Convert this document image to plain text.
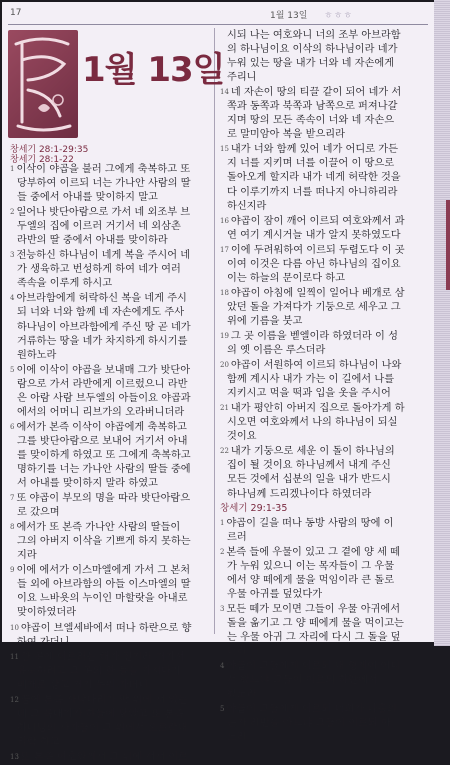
17	1월 13일 ㅎㅎㅎ
1월 13일
창세기 28:1-29:35
창세기 28:1-22
1 이삭이 야곱을 불러 그에게 축복하고 또
당부하여 이르되 너는 가나안 사람의 딸
들 중에서 아내를 맞이하지 말고
2 일어나 밧단아람으로 가서 네 외조부 브
두엘의 집에 이르러 거기서 네 외삼촌
라반의 딸 중에서 아내를 맞이하라
3 전능하신 하나님이 네게 복을 주시어 네
가 생육하고 번성하게 하여 네가 여러
족속을 이루게 하시고
4 아브라함에게 허락하신 복을 네게 주시
되 너와 너와 함께 네 자손에게도 주사
하나님이 아브라함에게 주신 땅 곧 네가
거류하는 땅을 네가 차지하게 하시기를
원하노라
5 이에 이삭이 야곱을 보내매 그가 밧단아
람으로 가서 라반에게 이르렀으니 라반
은 아람 사람 브두엘의 아들이요 야곱과
에서의 어머니 리브가의 오라버니더라
6 에서가 본즉 이삭이 야곱에게 축복하고
그를 밧단아람으로 보내어 거기서 아내
를 맞이하게 하였고 또 그에게 축복하고
명하기를 너는 가나안 사람의 딸들 중에
서 아내를 맞이하지 말라 하였고
7 또 야곱이 부모의 명을 따라 밧단아람으
로 갔으며
8 에서가 또 본즉 가나안 사람의 딸들이
그의 아버지 이삭을 기쁘게 하지 못하는
지라
9 이에 에서가 이스마엘에게 가서 그 본처
들 외에 아브라함의 아들 이스마엘의 딸
이요 느바욧의 누이인 마할랏을 아내로
맞이하였더라
10 야곱이 브엘세바에서 떠나 하란으로 향
하여 가더니
11 한 곳에 이르러는 해가 진지라 거기서
유숙하려고 그 곳의 한 돌을 가져다가
베개로 삼고 거기 누워 자더니
12 꿈에 본즉 사닥다리가 땅 위에 서 있는
데 그 꼭대기가 하늘에 닿았고 또 본즉
하나님의 사자들이 그 위에서 오르락내
리락 하고
13 또 본즉 여호와께서 그 위에 서서 이르
시되 나는 여호와니 너의 조부 아브라함
의 하나님이요 이삭의 하나님이라 네가
누워 있는 땅을 내가 너와 네 자손에게
주리니
14 네 자손이 땅의 티끌 같이 되어 네가 서
쪽과 동쪽과 북쪽과 남쪽으로 퍼져나갈
지며 땅의 모든 족속이 너와 네 자손으
로 말미암아 복을 받으리라
15 내가 너와 함께 있어 네가 어디로 가든
지 너를 지키며 너를 이끌어 이 땅으로
돌아오게 할지라 내가 네게 허락한 것을
다 이루기까지 너를 떠나지 아니하리라
하신지라
16 야곱이 잠이 깨어 이르되 여호와께서 과
연 여기 계시거늘 내가 알지 못하였도다
17 이에 두려워하여 이르되 두렵도다 이 곳
이여 이것은 다름 아닌 하나님의 집이요
이는 하늘의 문이로다 하고
18 야곱이 아침에 일찍이 일어나 베개로 삼
았던 돌을 가져다가 기둥으로 세우고 그
위에 기름을 붓고
19 그 곳 이름을 벧엘이라 하였더라 이 성
의 옛 이름은 루스더라
20 야곱이 서원하여 이르되 하나님이 나와
함께 계시사 내가 가는 이 길에서 나를
지키시고 먹을 떡과 입을 옷을 주시어
21 내가 평안히 아버지 집으로 돌아가게 하
시오면 여호와께서 나의 하나님이 되실
것이요
22 내가 기둥으로 세운 이 돌이 하나님의
집이 될 것이요 하나님께서 내게 주신
모든 것에서 십분의 일을 내가 반드시
하나님께 드리겠나이다 하였더라
창세기 29:1-35
1 야곱이 길을 떠나 동방 사람의 땅에 이
르러
2 본즉 들에 우물이 있고 그 곁에 양 세 떼
가 누워 있으니 이는 목자들이 그 우물
에서 양 떼에게 물을 먹임이라 큰 돌로
우물 아귀를 덮었다가
3 모든 떼가 모이면 그들이 우물 아귀에서
돌을 옮기고 그 양 떼에게 물을 먹이고는
는 우물 아귀 그 자리에 다시 그 돌을 덮
더라
4 야곱이 그들에게 이르되 내 형제여 어디
서 왔느냐 그들이 이르되 하란에서
왔노라
5 야곱이 그들에게 이르되 너희가 나홀의
손자 라반을 아느냐 그들이 이르되 아
노라
